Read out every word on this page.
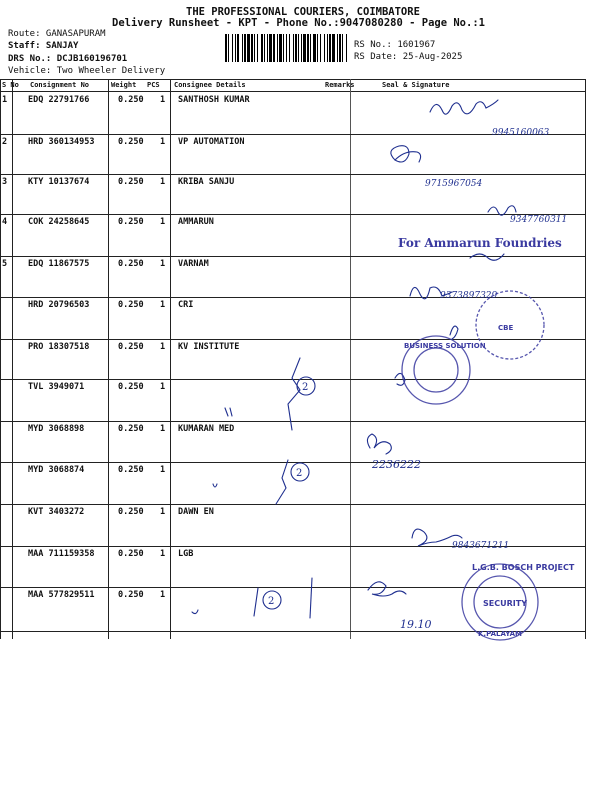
THE PROFESSIONAL COURIERS, COIMBATORE
Delivery Runsheet - KPT - Phone No.:9047080280 - Page No.:1
Route: GANASAPURAM
Staff: SANJAY
DRS No.: DCJB160196701
Vehicle: Two Wheeler Delivery
RS No.: 1601967
RS Date: 25-Aug-2025
S No Consignment No	Weight PCS Consignee Details	Remarks	Seal & Signature
1 EDQ 22791766	0.250 1 SANTHOSH KUMAR
2 HRD 360134953	0.250 1 VP AUTOMATION
3 KTY 10137674	0.250 1 KRIBA SANJU
4 COK 24258645	0.250 1 AMMARUN
5 EDQ 11867575	0.250 1 VARNAM
HRD 20796503	0.250 1 CRI
PRO 18307518	0.250 1 KV INSTITUTE
TVL 3949071	0.250 1
MYD 3068898	0.250 1 KUMARAN MED
MYD 3068874	0.250 1
KVT 3403272	0.250 1 DAWN EN
MAA 711159358	0.250 1 LGB
MAA 577829511	0.250 1
9945160063
9715967054
9347760311
9373897329
2236222
9843671211
19.10
2
2
2
For Ammarun Foundries
BUSINESS SOLUTION
CBE
L.G.B. BOSCH PROJECT
SECURITY
K.PALAYAM
